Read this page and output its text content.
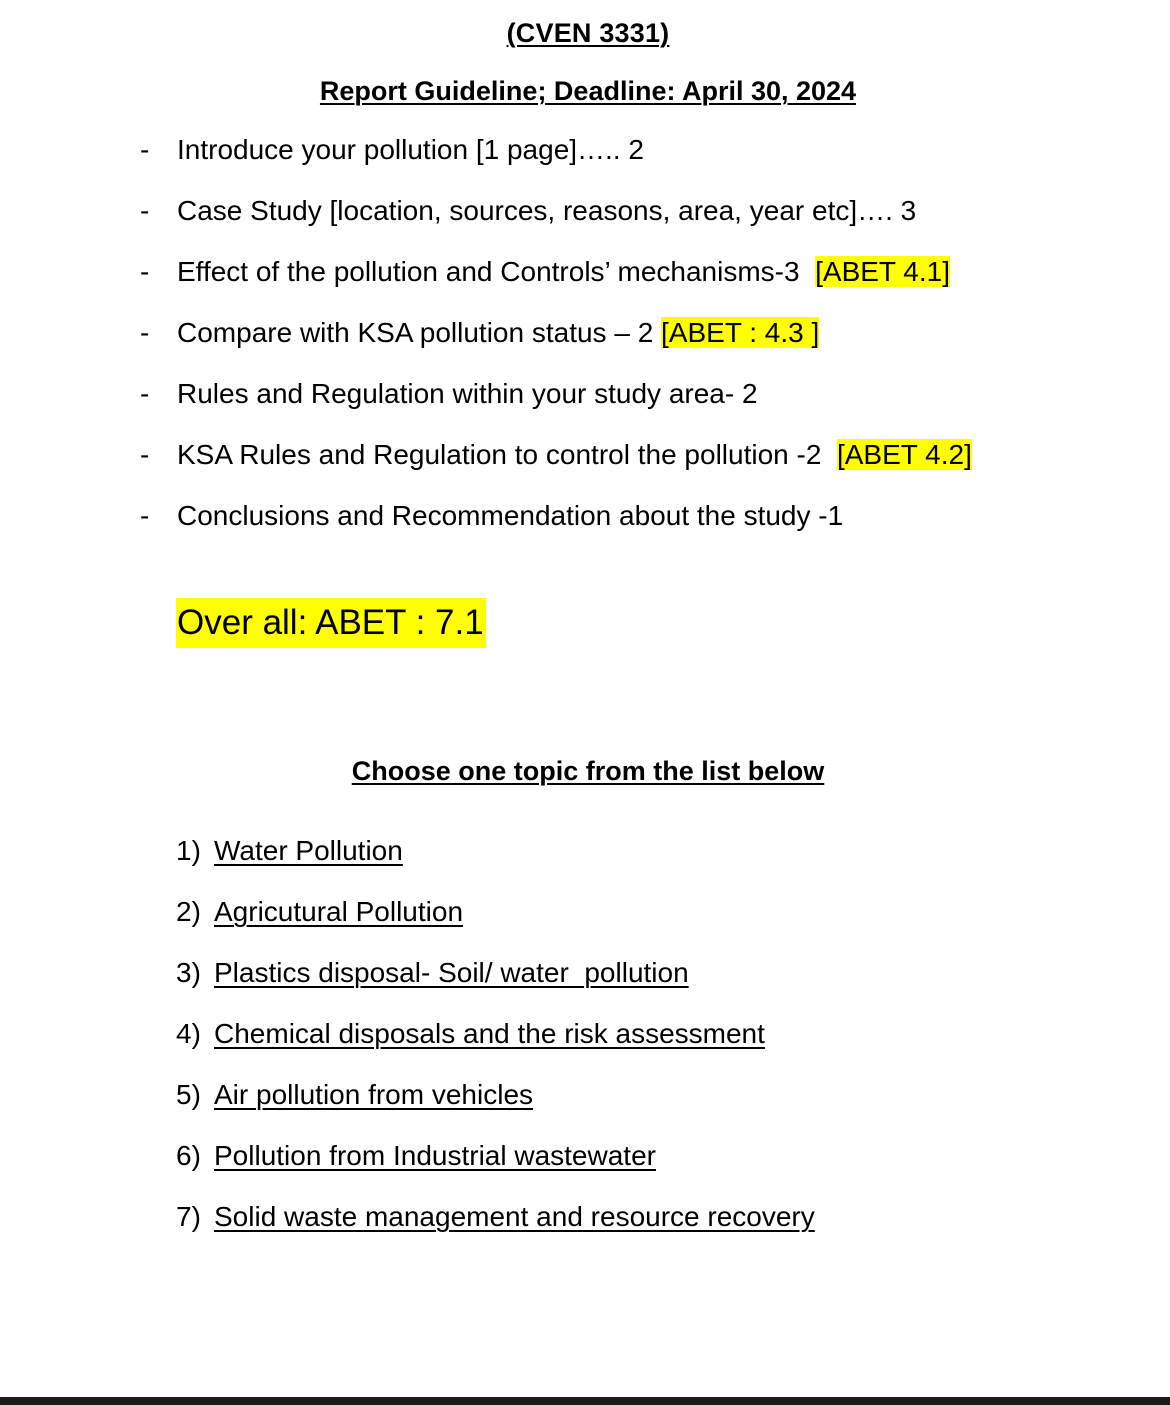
(CVEN 3331)
Report Guideline; Deadline: April 30, 2024
- Introduce your pollution [1 page]….. 2
- Case Study [location, sources, reasons, area, year etc]…. 3
- Effect of the pollution and Controls’ mechanisms-3  [ABET 4.1]
- Compare with KSA pollution status – 2 [ABET : 4.3 ]
- Rules and Regulation within your study area- 2
- KSA Rules and Regulation to control the pollution -2  [ABET 4.2]
- Conclusions and Recommendation about the study -1
Over all: ABET : 7.1
Choose one topic from the list below
1) Water Pollution
2) Agricutural Pollution
3) Plastics disposal- Soil/ water  pollution
4) Chemical disposals and the risk assessment
5) Air pollution from vehicles
6) Pollution from Industrial wastewater
7) Solid waste management and resource recovery
